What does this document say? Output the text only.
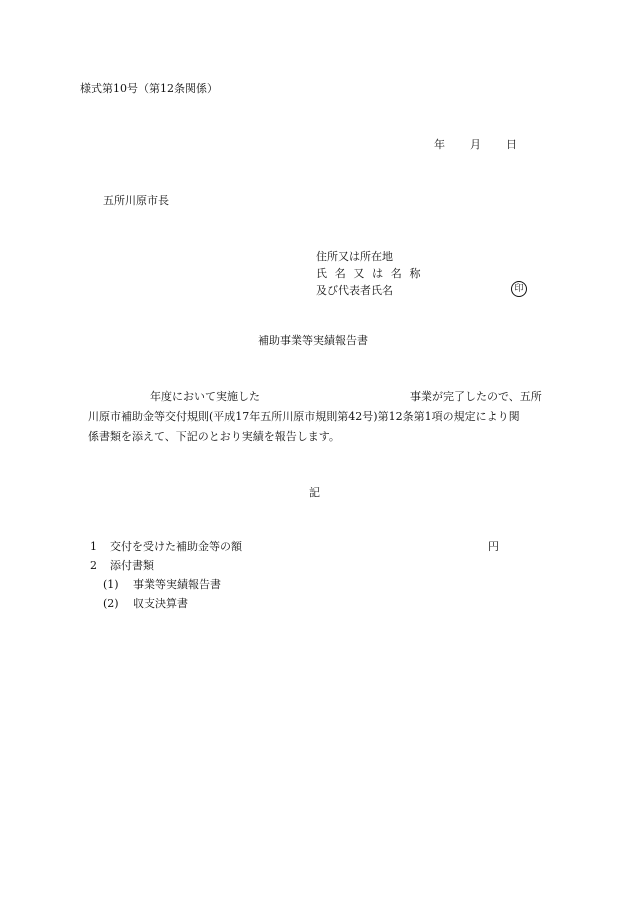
様式第10号（第12条関係）
年 月 日
五所川原市長
住所又は所在地
氏 名 又 は 名 称
及び代表者氏名	印
補助事業等実績報告書
年度において実施した	事業が完了したので、五所
川原市補助金等交付規則(平成17年五所川原市規則第42号)第12条第1項の規定により関
係書類を添えて、下記のとおり実績を報告します。
記
1 交付を受けた補助金等の額	円
2 添付書類
(1) 事業等実績報告書
(2) 収支決算書
